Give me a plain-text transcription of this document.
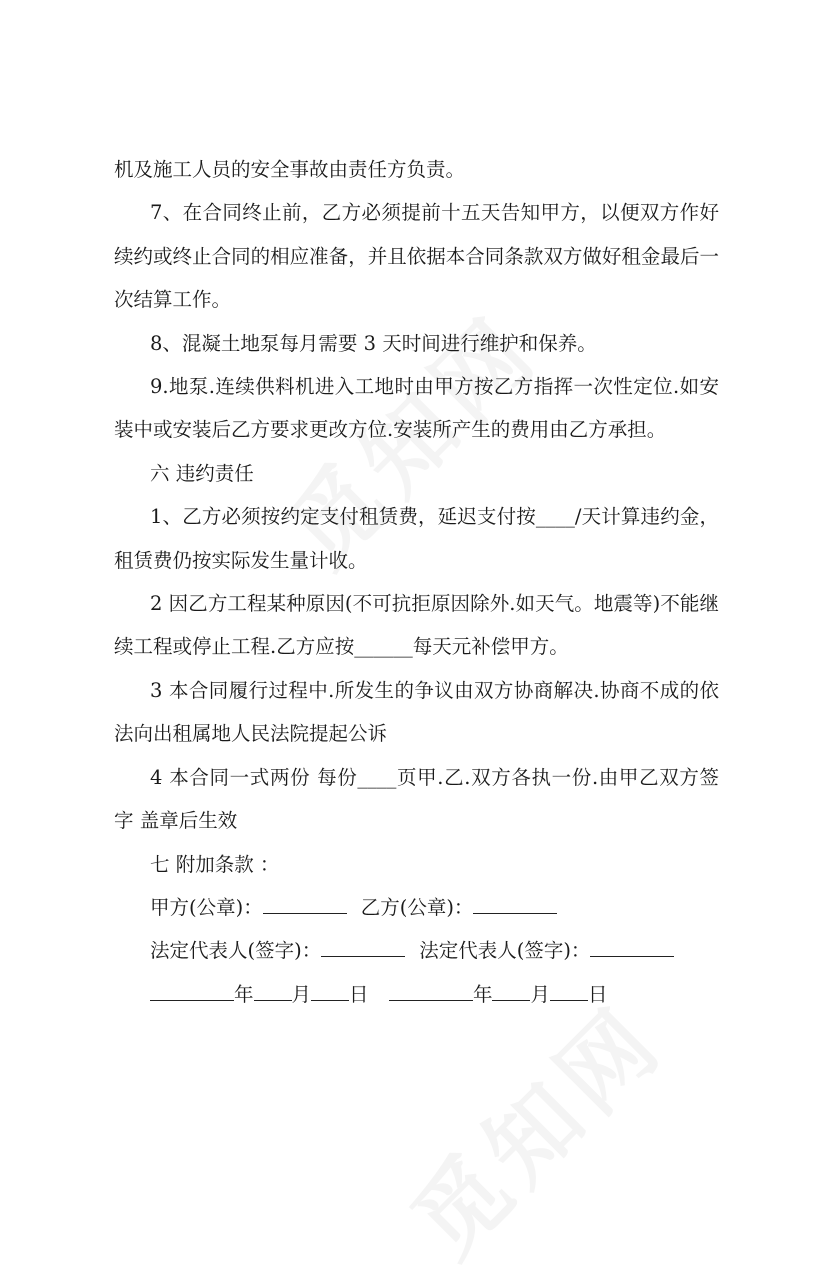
机及施工人员的安全事故由责任方负责。

7、在合同终止前，乙方必须提前十五天告知甲方，以便双方作好续约或终止合同的相应准备，并且依据本合同条款双方做好租金最后一次结算工作。

8、混凝土地泵每月需要 3 天时间进行维护和保养。

9.地泵.连续供料机进入工地时由甲方按乙方指挥一次性定位.如安装中或安装后乙方要求更改方位.安装所产生的费用由乙方承担。

六 违约责任

1、乙方必须按约定支付租赁费，延迟支付按____/天计算违约金，租赁费仍按实际发生量计收。

2 因乙方工程某种原因(不可抗拒原因除外.如天气。地震等)不能继续工程或停止工程.乙方应按______每天元补偿甲方。

3 本合同履行过程中.所发生的争议由双方协商解决.协商不成的依法向出租属地人民法院提起公诉

4 本合同一式两份 每份____页甲.乙.双方各执一份.由甲乙双方签字 盖章后生效

七 附加条款 ：

甲方(公章)：	乙方(公章)：
法定代表人(签字)：	法定代表人(签字)：
年 月 日	年 月 日
